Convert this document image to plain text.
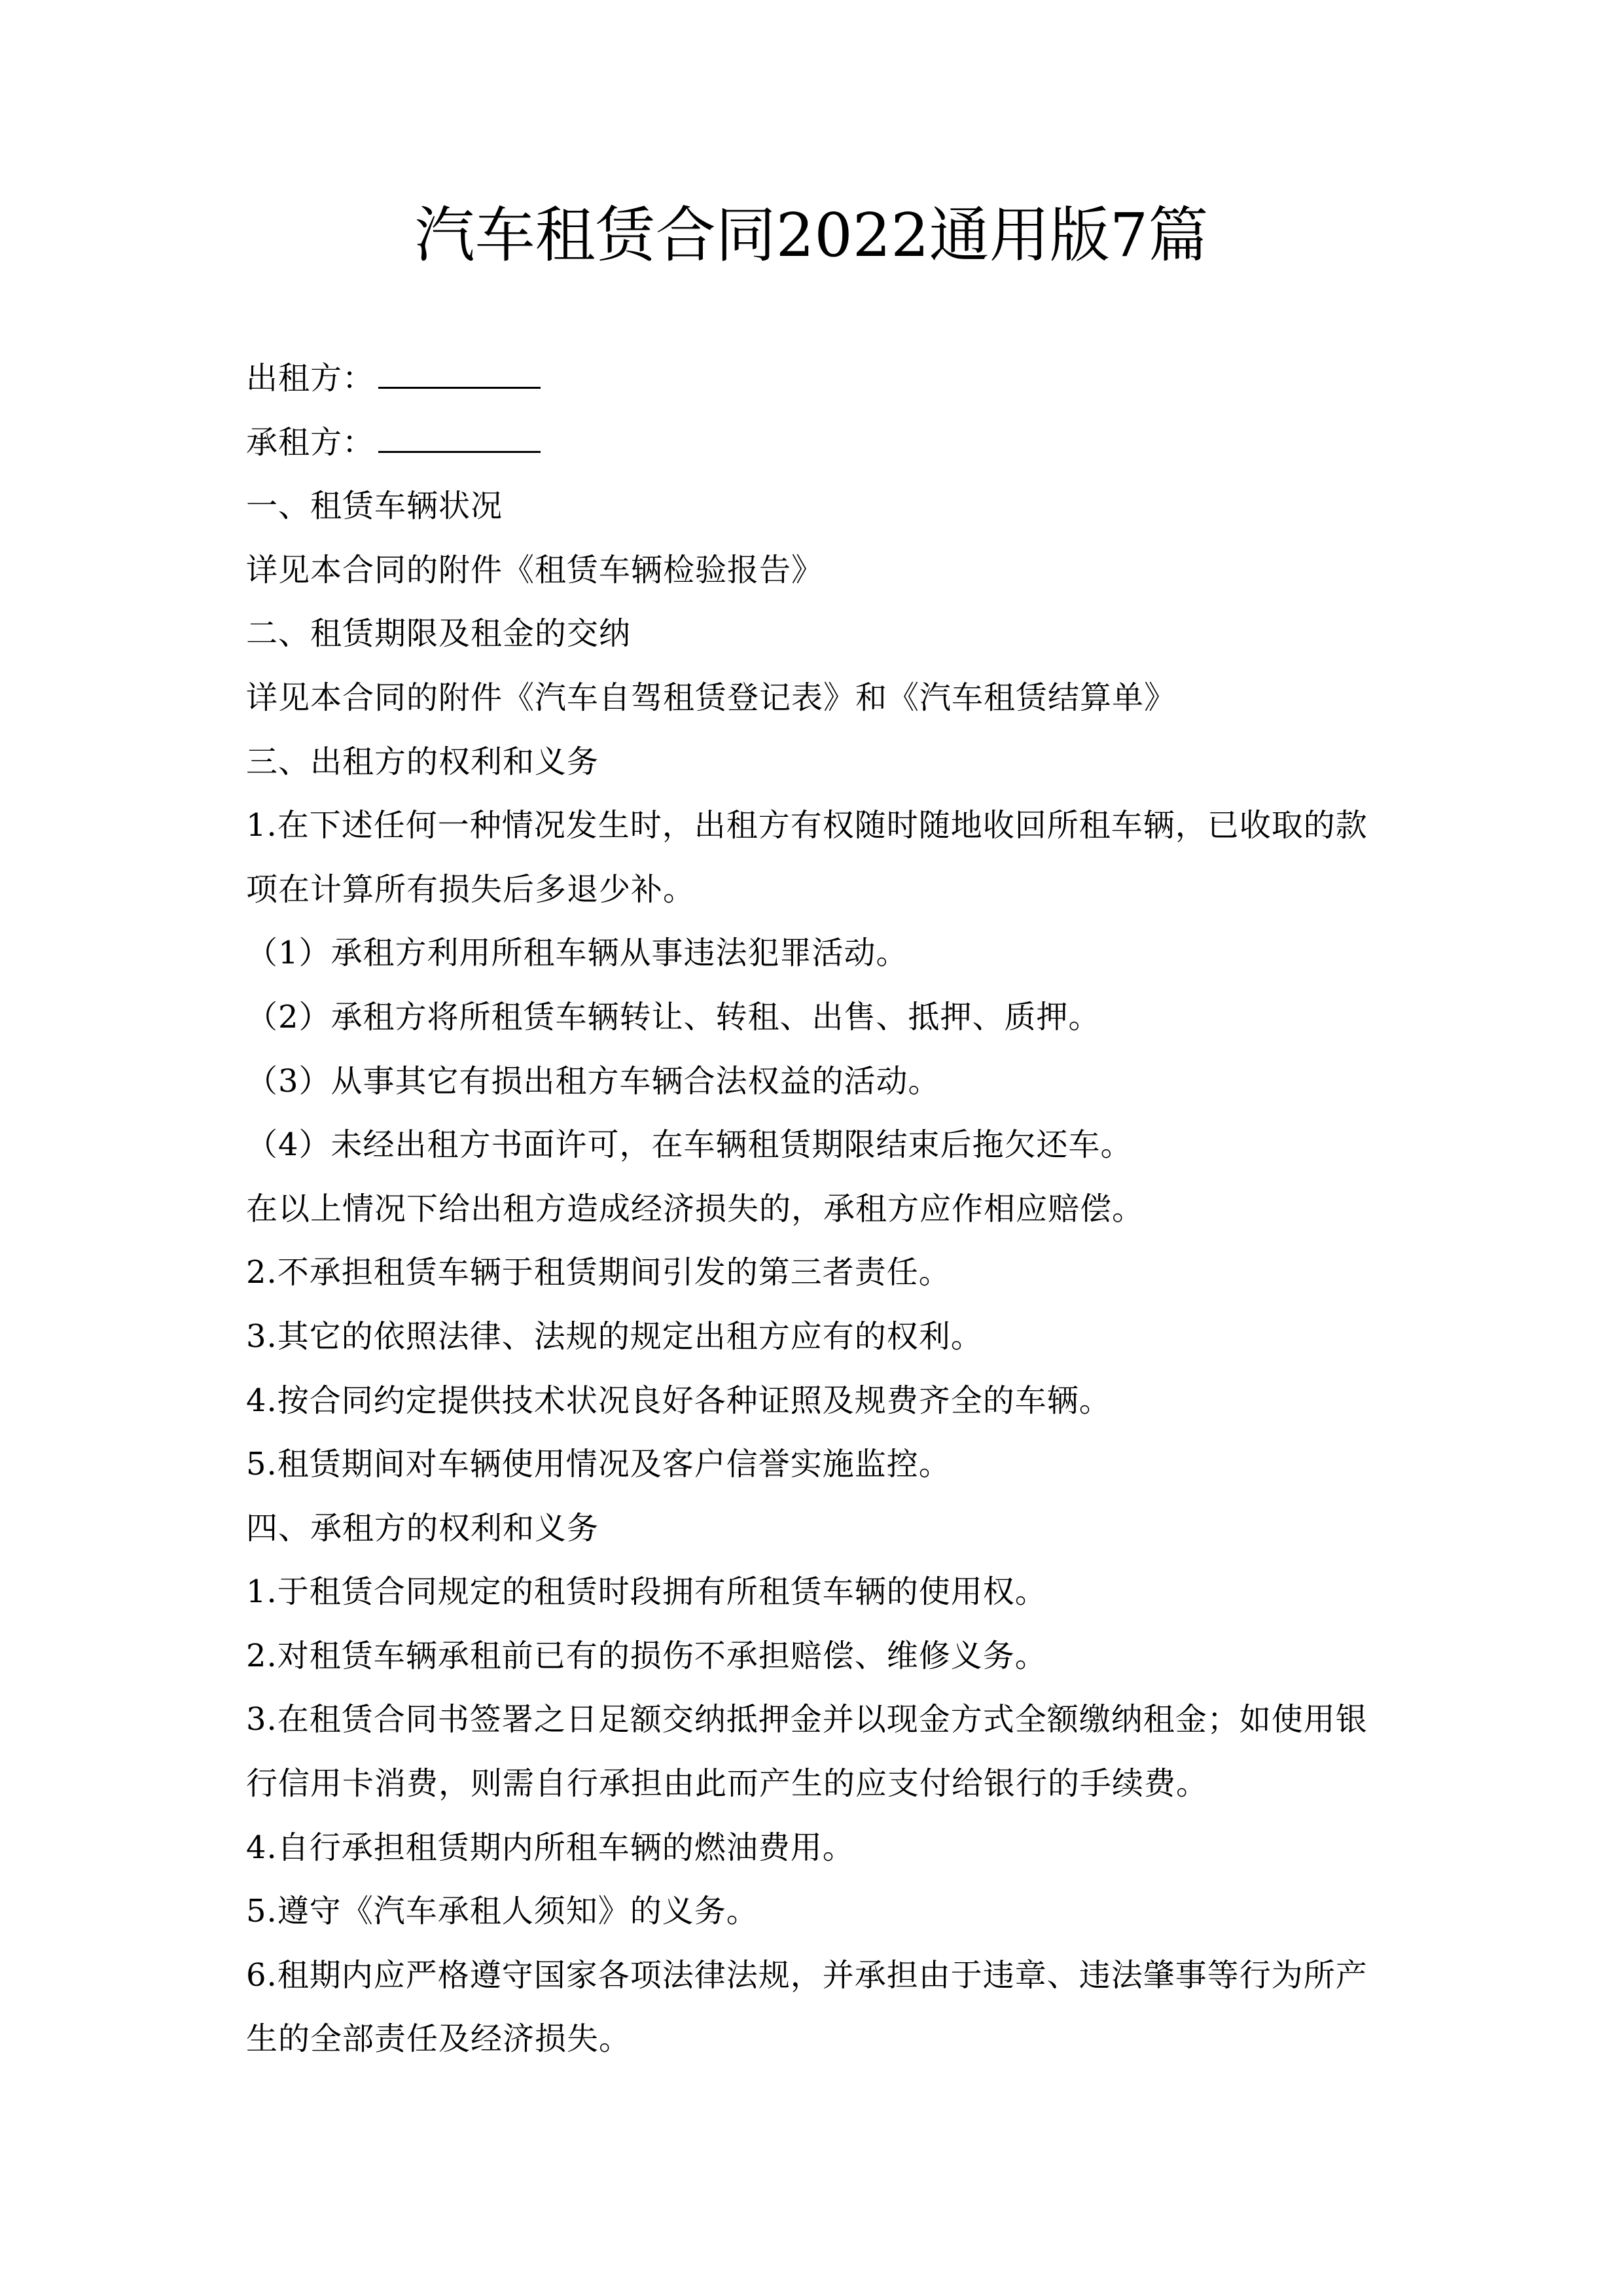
汽车租赁合同2022通用版7篇
出租方：
承租方：
一、租赁车辆状况
详见本合同的附件《租赁车辆检验报告》
二、租赁期限及租金的交纳
详见本合同的附件《汽车自驾租赁登记表》和《汽车租赁结算单》
三、出租方的权利和义务
1.在下述任何一种情况发生时，出租方有权随时随地收回所租车辆，已收取的款
项在计算所有损失后多退少补。
（1）承租方利用所租车辆从事违法犯罪活动。
（2）承租方将所租赁车辆转让、转租、出售、抵押、质押。
（3）从事其它有损出租方车辆合法权益的活动。
（4）未经出租方书面许可，在车辆租赁期限结束后拖欠还车。
在以上情况下给出租方造成经济损失的，承租方应作相应赔偿。
2.不承担租赁车辆于租赁期间引发的第三者责任。
3.其它的依照法律、法规的规定出租方应有的权利。
4.按合同约定提供技术状况良好各种证照及规费齐全的车辆。
5.租赁期间对车辆使用情况及客户信誉实施监控。
四、承租方的权利和义务
1.于租赁合同规定的租赁时段拥有所租赁车辆的使用权。
2.对租赁车辆承租前已有的损伤不承担赔偿、维修义务。
3.在租赁合同书签署之日足额交纳抵押金并以现金方式全额缴纳租金；如使用银
行信用卡消费，则需自行承担由此而产生的应支付给银行的手续费。
4.自行承担租赁期内所租车辆的燃油费用。
5.遵守《汽车承租人须知》的义务。
6.租期内应严格遵守国家各项法律法规，并承担由于违章、违法肇事等行为所产
生的全部责任及经济损失。
